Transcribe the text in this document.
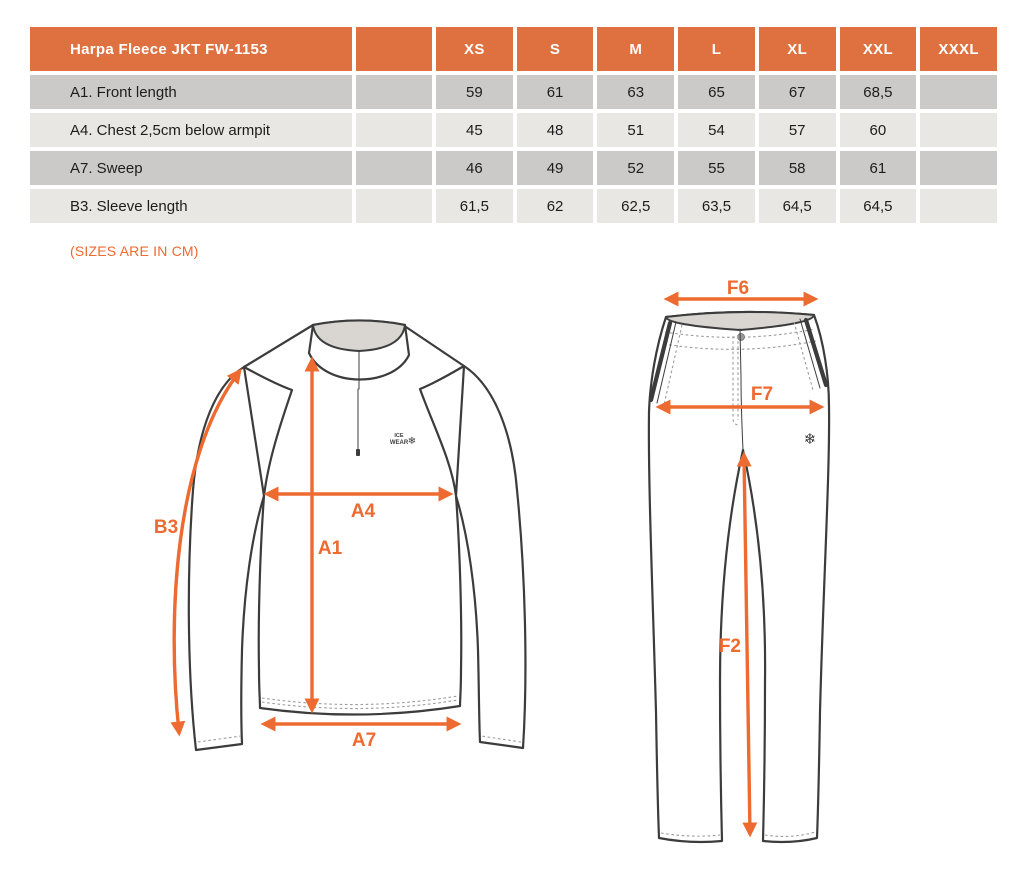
Harpa Fleece JKT FW-1153		XS	S	M	L	XL	XXL	XXXL
A1. Front length		59	61	63	65	67	68,5	
A4. Chest 2,5cm below armpit		45	48	51	54	57	60	
A7. Sweep		46	49	52	55	58	61	
B3. Sleeve length		61,5	62	62,5	63,5	64,5	64,5	
(SIZES ARE IN CM)
ICE
WEAR ❄
B3
A4
A1
A7
❄
F6
F7
F2
